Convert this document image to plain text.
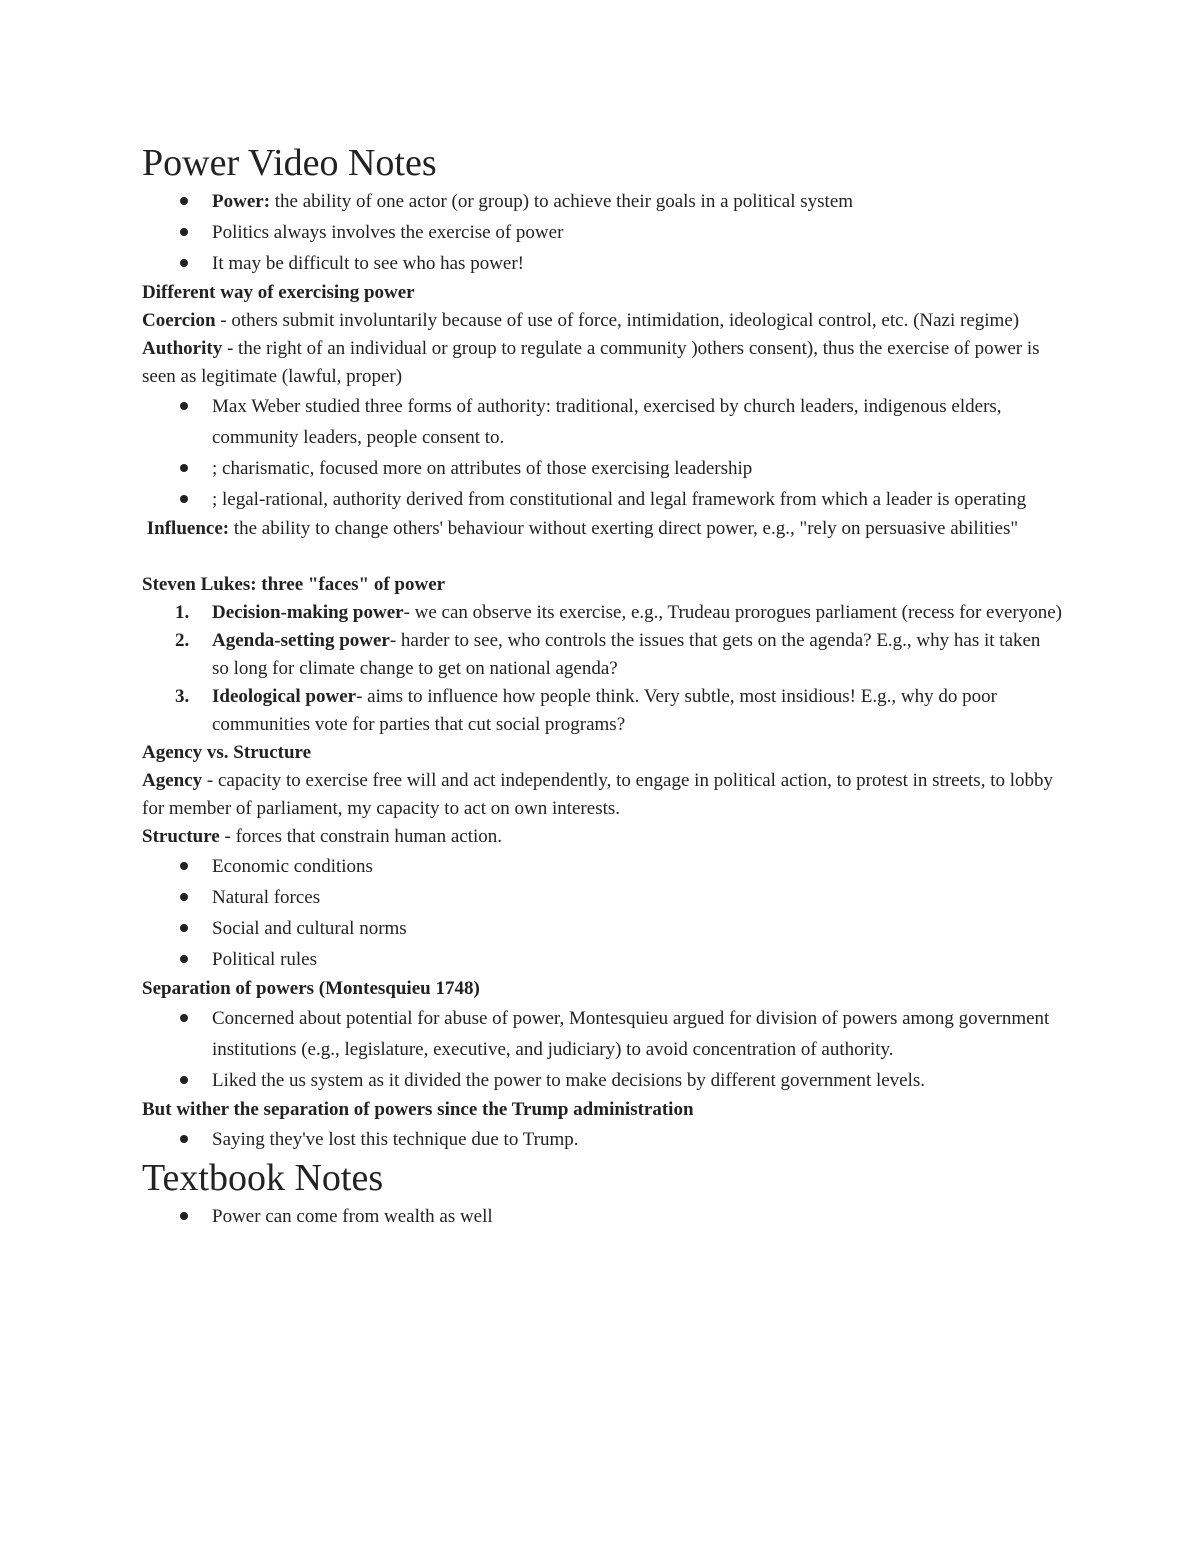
Power Video Notes
Power: the ability of one actor (or group) to achieve their goals in a political system
Politics always involves the exercise of power
It may be difficult to see who has power!

Different way of exercising power

Coercion - others submit involuntarily because of use of force, intimidation, ideological control, etc. (Nazi regime)

Authority - the right of an individual or group to regulate a community )others consent), thus the exercise of power is seen as legitimate (lawful, proper)

Max Weber studied three forms of authority: traditional, exercised by church leaders, indigenous elders, community leaders, people consent to.
; charismatic, focused more on attributes of those exercising leadership
; legal-rational, authority derived from constitutional and legal framework from which a leader is operating

Influence: the ability to change others' behaviour without exerting direct power, e.g., "rely on persuasive abilities"

Steven Lukes: three "faces" of power

1. Decision-making power- we can observe its exercise, e.g., Trudeau prorogues parliament (recess for everyone)
2. Agenda-setting power- harder to see, who controls the issues that gets on the agenda? E.g., why has it taken so long for climate change to get on national agenda?
3. Ideological power- aims to influence how people think. Very subtle, most insidious! E.g., why do poor communities vote for parties that cut social programs?

Agency vs. Structure

Agency - capacity to exercise free will and act independently, to engage in political action, to protest in streets, to lobby for member of parliament, my capacity to act on own interests.

Structure - forces that constrain human action.

Economic conditions
Natural forces
Social and cultural norms
Political rules

Separation of powers (Montesquieu 1748)

Concerned about potential for abuse of power, Montesquieu argued for division of powers among government institutions (e.g., legislature, executive, and judiciary) to avoid concentration of authority.
Liked the us system as it divided the power to make decisions by different government levels.

But wither the separation of powers since the Trump administration

Saying they've lost this technique due to Trump.
Textbook Notes
Power can come from wealth as well
